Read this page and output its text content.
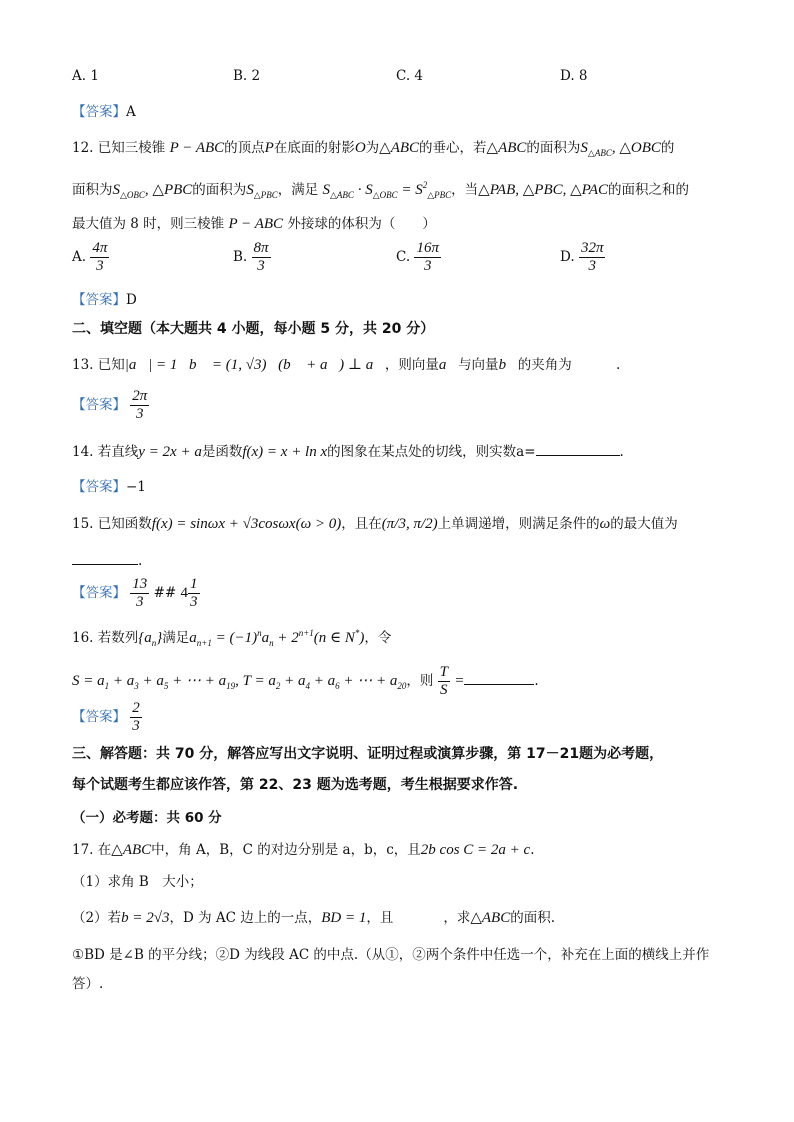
A. 1	B. 2	C. 4	D. 8
【答案】A
12. 已知三棱锥 P − ABC的顶点P在底面的射影O为△ABC的垂心，若△ABC的面积为$S_{\triangle ABC}$, △OBC的
面积为$S_{\triangle OBC}$, △PBC的面积为$S_{\triangle PBC}$，满足 $S_{\triangle ABC} \cdot S_{\triangle OBC} = S^2_{\triangle PBC}$，当△PAB, △PBC, △PAC的面积之和的
最大值为 8 时，则三棱锥 P − ABC 外接球的体积为（　　）
A. $\frac{4\pi}{3}$	B. $\frac{8\pi}{3}$	C. $\frac{16\pi}{3}$	D. $\frac{32\pi}{3}$
【答案】D
二、填空题（本大题共 4 小题，每小题 5 分，共 20 分）
13. 已知|a⃗| = 1，b⃗ = (1, √3)，(b⃗ + a⃗) ⊥ a⃗，则向量a⃗与向量b⃗的夹角为	.
【答案】 $\frac{2\pi}{3}$
14. 若直线y = 2x + a是函数f(x) = x + ln x的图象在某点处的切线，则实数a=	.
【答案】−1
15. 已知函数f(x) = sinωx + √3cosωx(ω > 0)，且在(π/3, π/2)上单调递增，则满足条件的ω的最大值为
.
【答案】 $\frac{13}{3}$ ## $4 \frac{1}{3}$
16. 若数列$\{a_n\}$满足$a_{n+1} = (-1)^na_n + 2^{n+1}(n$ ∈ N*)，令
$S = a_1 + a_3 + a_5$ + ⋯ + $a_{19}$, $T = a_2 + a_4 + a_6$ + ⋯ + $a_{20}$，则 $\frac{T}{S}$ =	.
【答案】 $\frac{2}{3}$
三、解答题：共 70 分，解答应写出文字说明、证明过程或演算步骤，第 17－21题为必考题，
每个试题考生都应该作答，第 22、23 题为选考题，考生根据要求作答.
（一）必考题：共 60 分
17. 在△ABC中，角 A，B，C 的对边分别是 a，b，c，且2b cos C = 2a + c.
（1）求角 B　大小；
（2）若b = 2√3，D 为 AC 边上的一点，BD = 1，且	，求△ABC的面积.
①BD 是∠B 的平分线；②D 为线段 AC 的中点.（从①，②两个条件中任选一个，补充在上面的横线上并作
答）.
